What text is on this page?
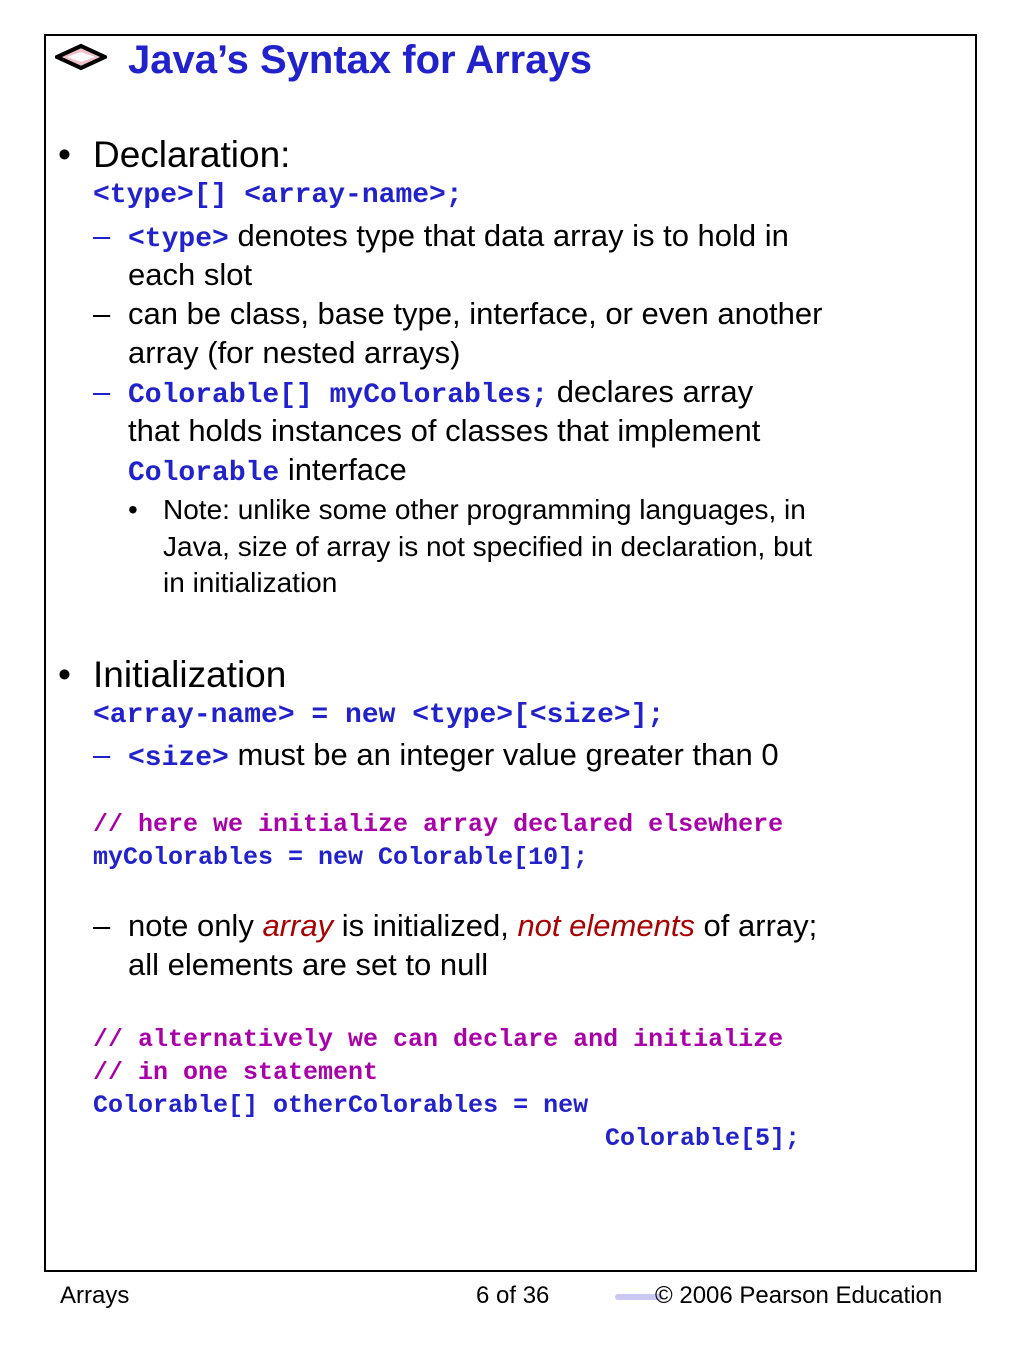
Java’s Syntax for Arrays
• Declaration:
<type>[] <array-name>;
– <type> denotes type that data array is to hold in
each slot
– can be class, base type, interface, or even another
array (for nested arrays)
– Colorable[] myColorables; declares array
that holds instances of classes that implement
Colorable interface
• Note: unlike some other programming languages, in
Java, size of array is not specified in declaration, but
in initialization
• Initialization
<array-name> = new <type>[<size>];
– <size> must be an integer value greater than 0
// here we initialize array declared elsewhere
myColorables = new Colorable[10];
– note only array is initialized, not elements of array;
all elements are set to null
// alternatively we can declare and initialize
// in one statement
Colorable[] otherColorables = new
Colorable[5];
Arrays	6 of 36	© 2006 Pearson Education
